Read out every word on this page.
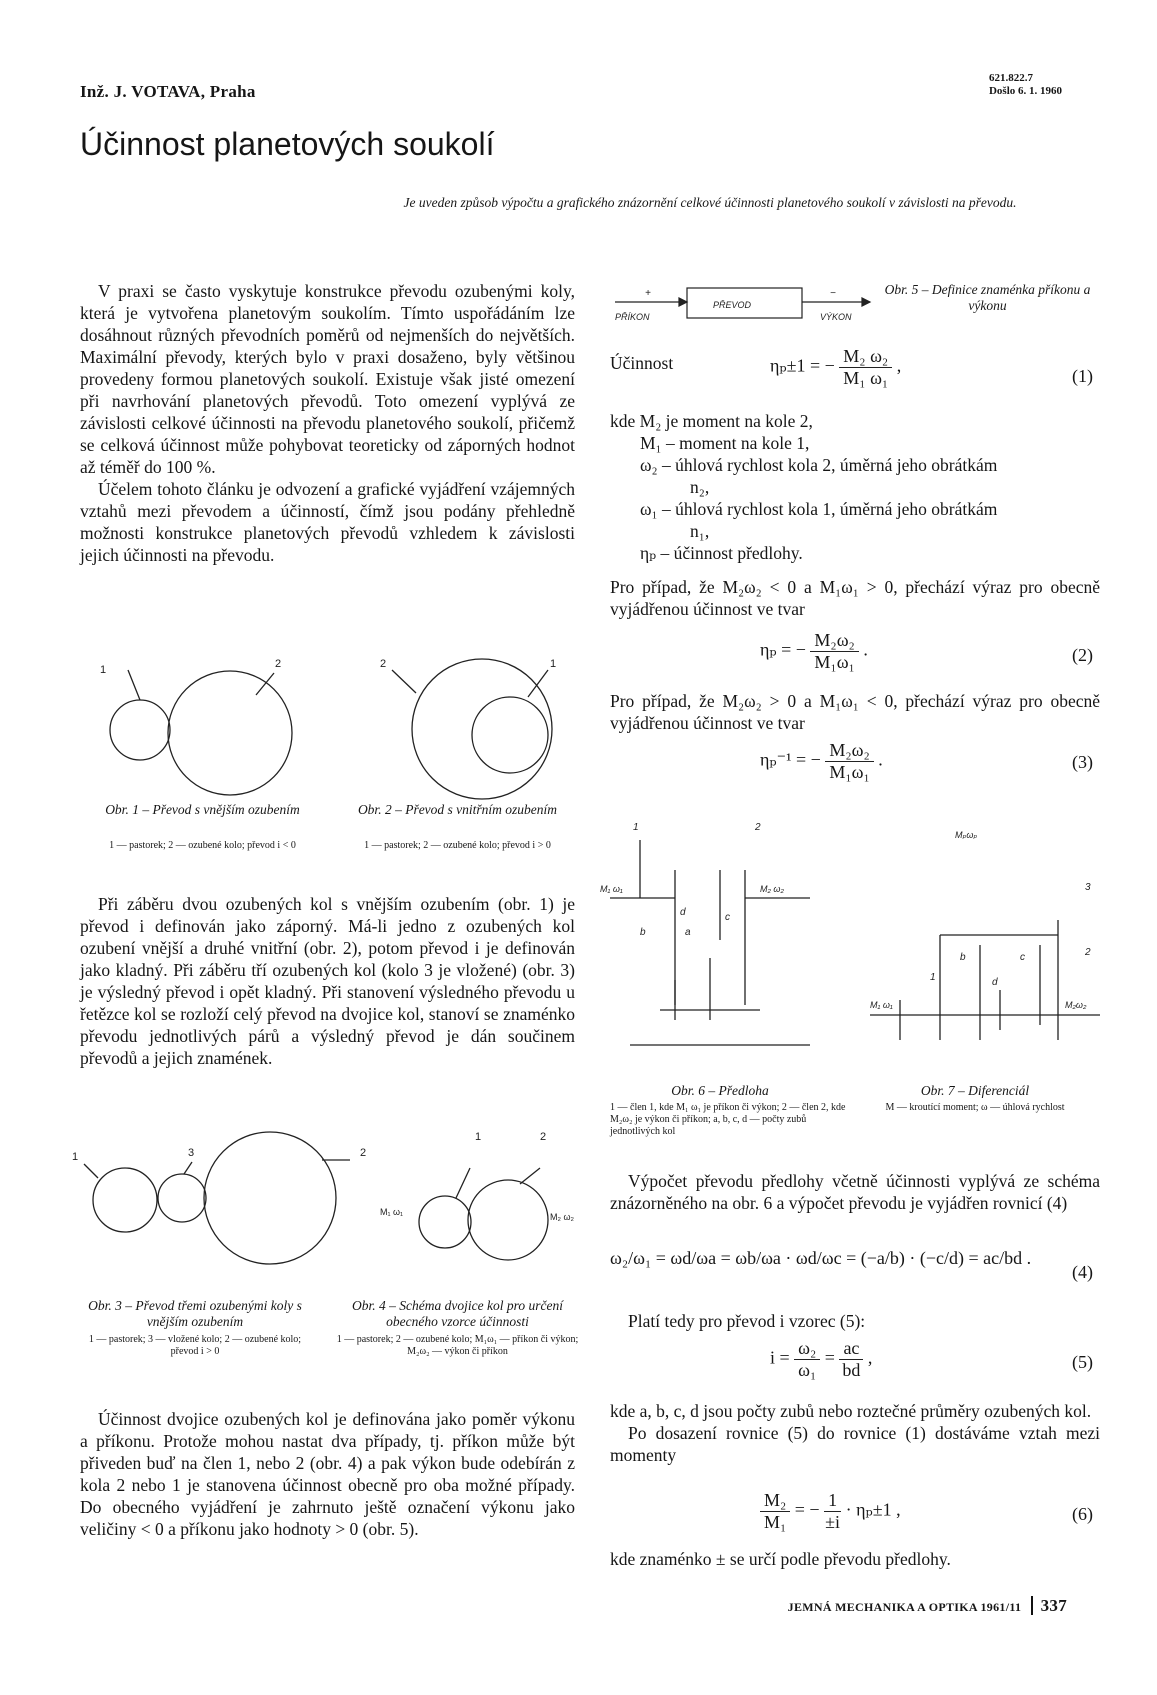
Inž. J. VOTAVA, Praha
621.822.7
Došlo 6. 1. 1960
Účinnost planetových soukolí
Je uveden způsob výpočtu a grafického znázornění celkové účinnosti planetového soukolí v závislosti na převodu.

V praxi se často vyskytuje konstrukce převodu ozubenými koly, která je vytvořena planetovým soukolím. Tímto uspořádáním lze dosáhnout různých převodních poměrů od nejmenších do největších. Maximální převody, kterých bylo v praxi dosaženo, byly většinou provedeny formou planetových soukolí. Existuje však jisté omezení při navrhování planetových převodů. Toto omezení vyplývá ze závislosti celkové účinnosti na převodu planetového soukolí, přičemž se celková účinnost může pohybovat teoreticky od záporných hodnot až téměř do 100 %.

Účelem tohoto článku je odvození a grafické vyjádření vzájemných vztahů mezi převodem a účinností, čímž jsou podány přehledně možnosti konstrukce planetových převodů vzhledem k závislosti jejich účinnosti na převodu.

1	2	2	1
Obr. 1 – Převod s vnějším ozubením
1 — pastorek; 2 — ozubené kolo; převod i < 0
Obr. 2 – Převod s vnitřním ozubením
1 — pastorek; 2 — ozubené kolo; převod i > 0

Při záběru dvou ozubených kol s vnějším ozubením (obr. 1) je převod i definován jako záporný. Má-li jedno z ozubených kol ozubení vnější a druhé vnitřní (obr. 2), potom převod i je definován jako kladný. Při záběru tří ozubených kol (kolo 3 je vložené) (obr. 3) je výsledný převod i opět kladný. Při stanovení výsledného převodu u řetězce kol se rozloží celý převod na dvojice kol, stanoví se znaménko převodu jednotlivých párů a výsledný převod je dán součinem převodů a jejich znamének.

1	3	2
1	2
M₁ ω₁	M₂ ω₂
Obr. 3 – Převod třemi ozubenými koly s vnějším ozubením
1 — pastorek; 3 — vložené kolo; 2 — ozubené kolo; převod i > 0
Obr. 4 – Schéma dvojice kol pro určení obecného vzorce účinnosti
1 — pastorek; 2 — ozubené kolo; M₁ω₁ — příkon či výkon; M₂ω₂ — výkon či příkon

Účinnost dvojice ozubených kol je definována jako poměr výkonu a příkonu. Protože mohou nastat dva případy, tj. příkon může být přiveden buď na člen 1, nebo 2 (obr. 4) a pak výkon bude odebírán z kola 2 nebo 1 je stanovena účinnost obecně pro oba možné případy. Do obecného vyjádření je zahrnuto ještě označení výkonu jako veličiny < 0 a příkonu jako hodnoty > 0 (obr. 5).

+	−
PŘÍKON
PŘEVOD
VÝKON
Obr. 5 – Definice znaménka příkonu a výkonu
Účinnost	ηₚ±1 = − $\frac{\text{M₂ ω₂}}{\text{M₁ ω₁}}$ ,
(1)
kde M₂ je moment na kole 2,
M₁ – moment na kole 1,
ω₂ – úhlová rychlost kola 2, úměrná jeho obrátkám
n₂,
ω₁ – úhlová rychlost kola 1, úměrná jeho obrátkám
n₁,
ηₚ – účinnost předlohy.
Pro případ, že M₂ω₂ < 0 a M₁ω₁ > 0, přechází výraz pro obecně vyjádřenou účinnost ve tvar
ηₚ = − $\frac{\text{M₂ω₂}}{\text{M₁ω₁}}$ .	(2)
Pro případ, že M₂ω₂ > 0 a M₁ω₁ < 0, přechází výraz pro obecně vyjádřenou účinnost ve tvar
ηₚ⁻¹ = − $\frac{\text{M₂ω₂}}{\text{M₁ω₁}}$ .	(3)
1	2
a
b
c
d
M₁ ω₁	M₂ ω₂
Mₚωₚ
3
2
1
b	c
d
M₁ ω₁	M₂ω₂
Obr. 6 – Předloha
1 — člen 1, kde M₁ ω₁ je příkon či výkon; 2 — člen 2, kde M₂ω₂ je výkon či příkon; a, b, c, d — počty zubů jednotlivých kol
Obr. 7 – Diferenciál
M — kroutící moment; ω — úhlová rychlost

Výpočet převodu předlohy včetně účinnosti vyplývá ze schéma znázorněného na obr. 6 a výpočet převodu je vyjádřen rovnicí (4)

ω₂/ω₁ = ωd/ωa = ωb/ωa · ωd/ωc = (−a/b) · (−c/d) = ac/bd .
(4)

Platí tedy pro převod i vzorec (5):

$i = \frac{\text{ω₂}}{\text{ω₁}} = \frac{ac}{bd}$ ,	(5)
kde a, b, c, d jsou počty zubů nebo roztečné průměry ozubených kol.

Po dosazení rovnice (5) do rovnice (1) dostáváme vztah mezi momenty

$\frac{\text{M₂}}{\text{M₁}}$ = − $\frac{1}{\pm i} \cdot \eta_p\pm 1$ ,	(6)
kde znaménko ± se určí podle převodu předlohy.
JEMNÁ MECHANIKA A OPTIKA 1961/11 337
